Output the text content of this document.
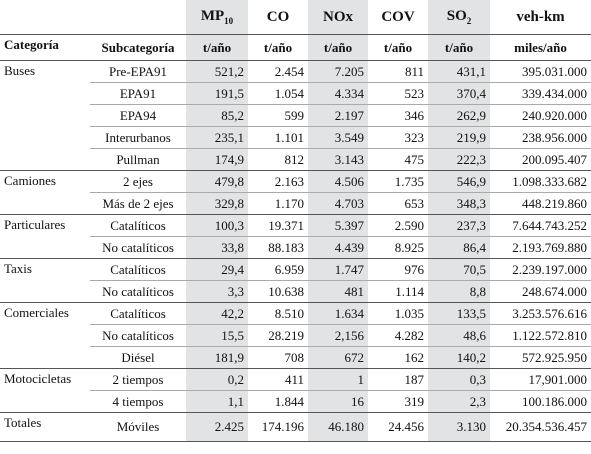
		$MP_{10}$	CO	NOx	COV	$SO_2$	veh-km
Categoría	Subcategoría	t/año	t/año	t/año	t/año	t/año	miles/año
Buses	Pre-EPA91	521,2	2.454	7.205	811	431,1	395.031.000
	EPA91	191,5	1.054	4.334	523	370,4	339.434.000
	EPA94	85,2	599	2.197	346	262,9	240.920.000
	Interurbanos	235,1	1.101	3.549	323	219,9	238.956.000
	Pullman	174,9	812	3.143	475	222,3	200.095.407
Camiones	2 ejes	479,8	2.163	4.506	1.735	546,9	1.098.333.682
	Más de 2 ejes	329,8	1.170	4.703	653	348,3	448.219.860
Particulares	Catalíticos	100,3	19.371	5.397	2.590	237,3	7.644.743.252
	No catalíticos	33,8	88.183	4.439	8.925	86,4	2.193.769.880
Taxis	Catalíticos	29,4	6.959	1.747	976	70,5	2.239.197.000
	No catalíticos	3,3	10.638	481	1.114	8,8	248.674.000
Comerciales	Catalíticos	42,2	8.510	1.634	1.035	133,5	3.253.576.616
	No catalíticos	15,5	28.219	2,156	4.282	48,6	1.122.572.810
	Diésel	181,9	708	672	162	140,2	572.925.950
Motocicletas	2 tiempos	0,2	411	1	187	0,3	17,901.000
	4 tiempos	1,1	1.844	16	319	2,3	100.186.000
Totales	Móviles	2.425	174.196	46.180	24.456	3.130	20.354.536.457
